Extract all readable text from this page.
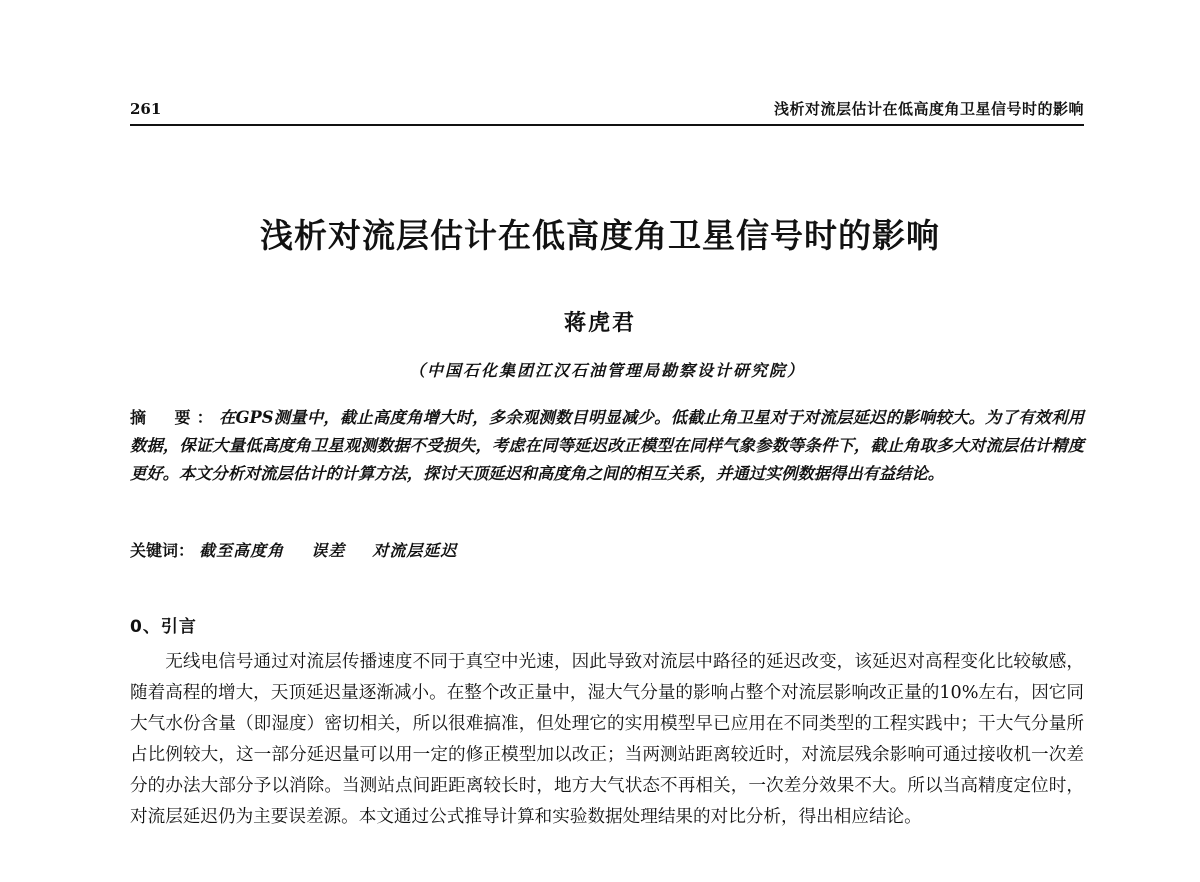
261	浅析对流层估计在低高度角卫星信号时的影响
浅析对流层估计在低高度角卫星信号时的影响
蒋虎君
（中国石化集团江汉石油管理局勘察设计研究院）
摘　要：在GPS测量中，截止高度角增大时，多余观测数目明显减少。低截止角卫星对于对流层延迟的影响较大。为了有效利用数据，保证大量低高度角卫星观测数据不受损失，考虑在同等延迟改正模型在同样气象参数等条件下，截止角取多大对流层估计精度更好。本文分析对流层估计的计算方法，探讨天顶延迟和高度角之间的相互关系，并通过实例数据得出有益结论。
关键词： 截至高度角 误差 对流层延迟
0、引言

无线电信号通过对流层传播速度不同于真空中光速，因此导致对流层中路径的延迟改变，该延迟对高程变化比较敏感，随着高程的增大，天顶延迟量逐渐减小。在整个改正量中，湿大气分量的影响占整个对流层影响改正量的10%左右，因它同大气水份含量（即湿度）密切相关，所以很难搞准，但处理它的实用模型早已应用在不同类型的工程实践中；干大气分量所占比例较大，这一部分延迟量可以用一定的修正模型加以改正；当两测站距离较近时，对流层残余影响可通过接收机一次差分的办法大部分予以消除。当测站点间距距离较长时，地方大气状态不再相关，一次差分效果不大。所以当高精度定位时，对流层延迟仍为主要误差源。本文通过公式推导计算和实验数据处理结果的对比分析，得出相应结论。
